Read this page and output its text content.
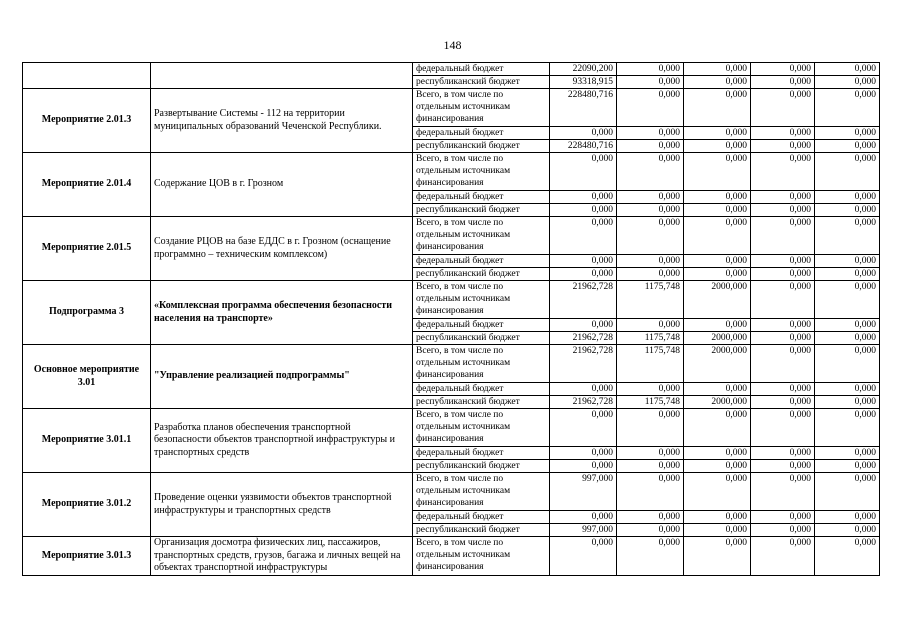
148
		федеральный бюджет	22090,200	0,000	0,000	0,000	0,000
		республиканский бюджет	93318,915	0,000	0,000	0,000	0,000
Мероприятие 2.01.3	Развертывание Системы - 112 на территории муниципальных образований Чеченской Республики.	Всего, в том числе по отдельным источникам финансирования	228480,716	0,000	0,000	0,000	0,000
		федеральный бюджет	0,000	0,000	0,000	0,000	0,000
		республиканский бюджет	228480,716	0,000	0,000	0,000	0,000
Мероприятие 2.01.4	Содержание ЦОВ в г. Грозном	Всего, в том числе по отдельным источникам финансирования	0,000	0,000	0,000	0,000	0,000
		федеральный бюджет	0,000	0,000	0,000	0,000	0,000
		республиканский бюджет	0,000	0,000	0,000	0,000	0,000
Мероприятие 2.01.5	Создание РЦОВ на базе ЕДДС в г. Грозном (оснащение программно – техническим комплексом)	Всего, в том числе по отдельным источникам финансирования	0,000	0,000	0,000	0,000	0,000
		федеральный бюджет	0,000	0,000	0,000	0,000	0,000
		республиканский бюджет	0,000	0,000	0,000	0,000	0,000
Подпрограмма 3	«Комплексная программа обеспечения безопасности населения на транспорте»	Всего, в том числе по отдельным источникам финансирования	21962,728	1175,748	2000,000	0,000	0,000
		федеральный бюджет	0,000	0,000	0,000	0,000	0,000
		республиканский бюджет	21962,728	1175,748	2000,000	0,000	0,000
Основное мероприятие 3.01	"Управление реализацией подпрограммы"	Всего, в том числе по отдельным источникам финансирования	21962,728	1175,748	2000,000	0,000	0,000
		федеральный бюджет	0,000	0,000	0,000	0,000	0,000
		республиканский бюджет	21962,728	1175,748	2000,000	0,000	0,000
Мероприятие 3.01.1	Разработка планов обеспечения транспортной безопасности объектов транспортной инфраструктуры и транспортных средств	Всего, в том числе по отдельным источникам финансирования	0,000	0,000	0,000	0,000	0,000
		федеральный бюджет	0,000	0,000	0,000	0,000	0,000
		республиканский бюджет	0,000	0,000	0,000	0,000	0,000
Мероприятие 3.01.2	Проведение оценки уязвимости объектов транспортной инфраструктуры и транспортных средств	Всего, в том числе по отдельным источникам финансирования	997,000	0,000	0,000	0,000	0,000
		федеральный бюджет	0,000	0,000	0,000	0,000	0,000
		республиканский бюджет	997,000	0,000	0,000	0,000	0,000
Мероприятие 3.01.3	Организация досмотра физических лиц, пассажиров, транспортных средств, грузов, багажа и личных вещей на объектах транспортной инфраструктуры	Всего, в том числе по отдельным источникам финансирования	0,000	0,000	0,000	0,000	0,000
